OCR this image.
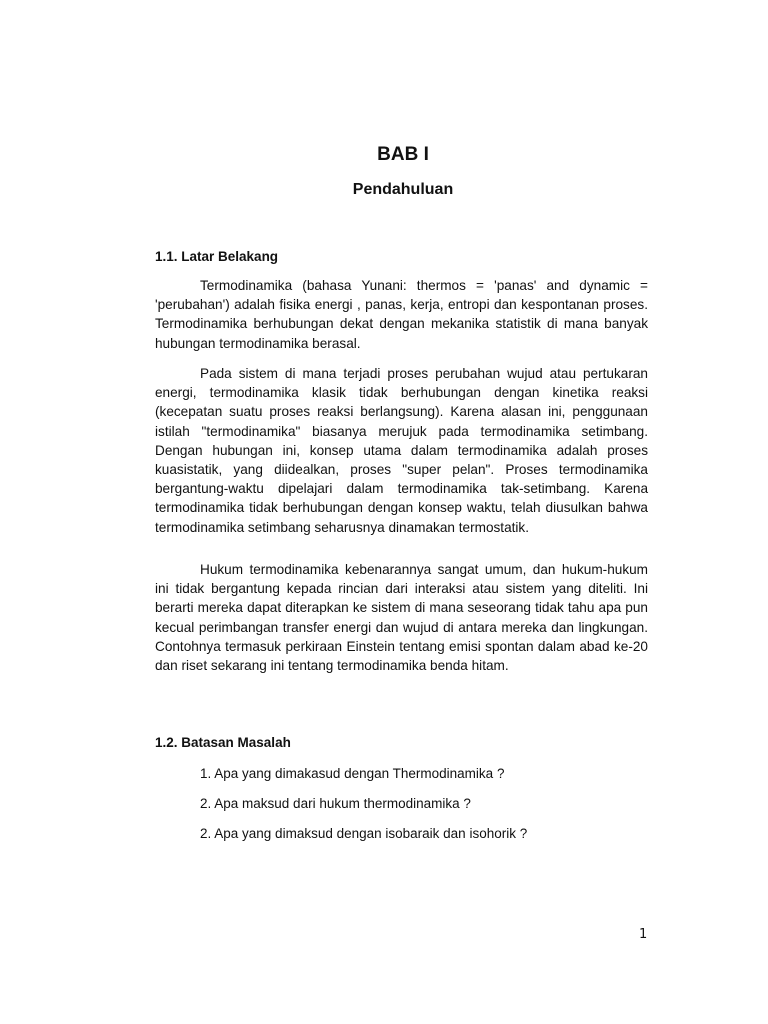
BAB I
Pendahuluan
1.1. Latar Belakang

Termodinamika (bahasa Yunani: thermos = 'panas' and dynamic = 'perubahan') adalah fisika energi , panas, kerja, entropi dan kespontanan proses. Termodinamika berhubungan dekat dengan mekanika statistik di mana banyak hubungan termodinamika berasal.

Pada sistem di mana terjadi proses perubahan wujud atau pertukaran energi, termodinamika klasik tidak berhubungan dengan kinetika reaksi (kecepatan suatu proses reaksi berlangsung). Karena alasan ini, penggunaan istilah "termodinamika" biasanya merujuk pada termodinamika setimbang. Dengan hubungan ini, konsep utama dalam termodinamika adalah proses kuasistatik, yang diidealkan, proses "super pelan". Proses termodinamika bergantung-waktu dipelajari dalam termodinamika tak-setimbang. Karena termodinamika tidak berhubungan dengan konsep waktu, telah diusulkan bahwa termodinamika setimbang seharusnya dinamakan termostatik.

Hukum termodinamika kebenarannya sangat umum, dan hukum-hukum ini tidak bergantung kepada rincian dari interaksi atau sistem yang diteliti. Ini berarti mereka dapat diterapkan ke sistem di mana seseorang tidak tahu apa pun kecual perimbangan transfer energi dan wujud di antara mereka dan lingkungan. Contohnya termasuk perkiraan Einstein tentang emisi spontan dalam abad ke-20 dan riset sekarang ini tentang termodinamika benda hitam.

1.2. Batasan Masalah
1. Apa yang dimakasud dengan Thermodinamika ?
2. Apa maksud dari hukum thermodinamika ?
2. Apa yang dimaksud dengan isobaraik dan isohorik ?
1
